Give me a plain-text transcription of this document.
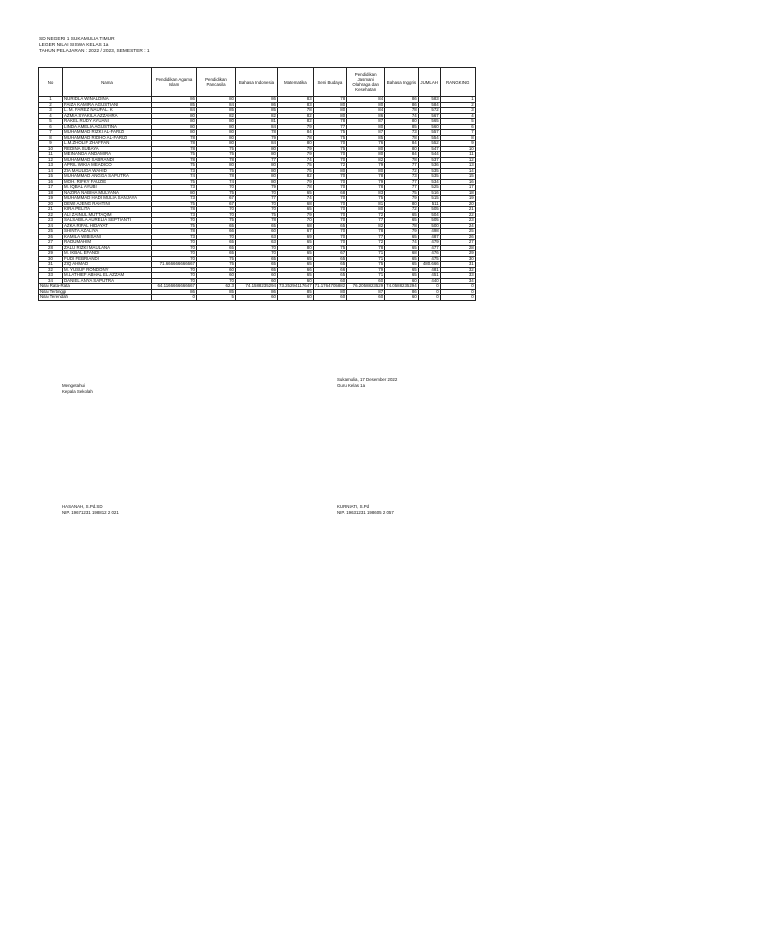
SD NEGERI 1 SUKAMULIA TIMUR
LEGER NILAI SISWA KELAS 1a
TAHUN PELAJARAN : 2022 / 2023, SEMESTER : 1
No	Nama	Pendidikan Agama Islam	Pendidikan Pancasila	Bahasa Indonesia	Matematika	Seni Budaya	Pendidikan Jasmani Olahraga dan Kesehatan	Bahasa Inggris	JUMLAH	RANGKING
1	NURIDLA WINALDINA	86	80	86	83	78	84	86	583	1
2	FAIZA KAMIRA AGUSTIANI	85	84	86	83	80	80	86	584	2
3	L. M. FAREZ NAUFAL. K	84	85	85	78	80	84	78	572	3
4	AZMIA SYAKILA AZZAHRA	80	82	82	82	80	86	74	567	4
5	RAKEL RUDY AYUANI	80	80	81	82	78	87	80	565	5
6	LINDA AMELIA AGUSTINA	80	80	84	79	77	80	85	560	6
7	MUHAMMAD RIZKI AL-FARIZI	80	80	78	84	75	87	73	557	7
8	MUHAMMAD RIDHO AL-FARIZI	78	80	79	78	75	85	78	554	8
9	L.M.ZHOLIF ZHAFFAN	78	80	84	80	70	76	84	552	9
10	REDINA SUBAYA	78	75	80	79	75	80	80	547	10
11	MEINANDA ANDAMIRA	75	75	80	79	70	80	84	544	11
12	MUHAMMAD SABRANDI	78	78	77	74	70	82	78	537	12
13	APRIL WIKIA MEADICO	75	80	80	75	72	79	77	536	13
14	ZIA MAULIDA WAHID	73	75	80	75	80	80	72	535	14
15	MUHAMMAD ANGGA SAPUTRA	74	78	80	82	70	78	73	535	15
16	MOH. RIFKY FAUZIE	75	74	80	79	70	79	77	534	16
17	M. IQBAL AYUBI	73	70	79	78	70	78	77	525	17
18	NAZIRA NABIHA MULYANA	80	75	70	65	68	83	75	516	18
19	MUHAMMAD HADI MULIA SANJAYA	73	67	77	74	70	75	79	515	19
20	DEWI AJENG RAHTINI	75	67	70	68	70	81	80	511	20
21	KIRA PELITA	78	70	70	65	70	80	72	505	21
22	ALI ZAINUL MUTTAQIM	73	70	75	79	70	72	65	504	22
23	SALSABILA AURELIA SEPTIANTI	70	75	78	70	70	77	65	505	23
24	AZKA RIFAL HIDAYAT	75	65	65	68	65	82	78	500	24
25	SHINTA AZALIYA	78	66	60	67	70	78	79	498	25
26	KAMILA WIBISANI	73	70	63	69	70	77	65	487	26
27	RADUMAHIM	70	65	63	65	70	72	74	479	27
28	ZALU RIZKI MAULANA	70	65	70	80	75	78	65	477	28
29	M. IKBAL EFANDI	70	65	70	65	67	71	68	476	29
30	FUDI FEBRIANDI	70	75	65	65	65	71	65	475	30
31	ZIQ AHMAD	71.666666666667	75	65	65	65	75	65	480.666	31
32	M. YUSUF RONDONY	70	60	65	66	66	79	65	481	32
33	M.LATHIEF ABHAL EL AZZAM	70	60	60	65	65	71	65	451	33
34	DANIEL ANYA SAPUTRA	70	70	60	60	60	60	60	440	34
Nilai Rata-Rata		64.1166666666667	62.3	74.1588235294	73.25294117647	71.1764705882	76.2058823529	74.0588235294	0	0
Nilai Tertinggi		86	85	86	85	80	87	86	0	0
Nilai Terendah		0	5	60	60	60	60	60	0	0
Mengetahui
Kepala Sekolah
Sukamulia, 17 Desember 2022
Guru Kelas 1a
HASANAH, S.Pd.SD
NIP. 19671231 198812 2 021
KURNIATI, S.Pd
NIP. 19631231 198605 2 057
